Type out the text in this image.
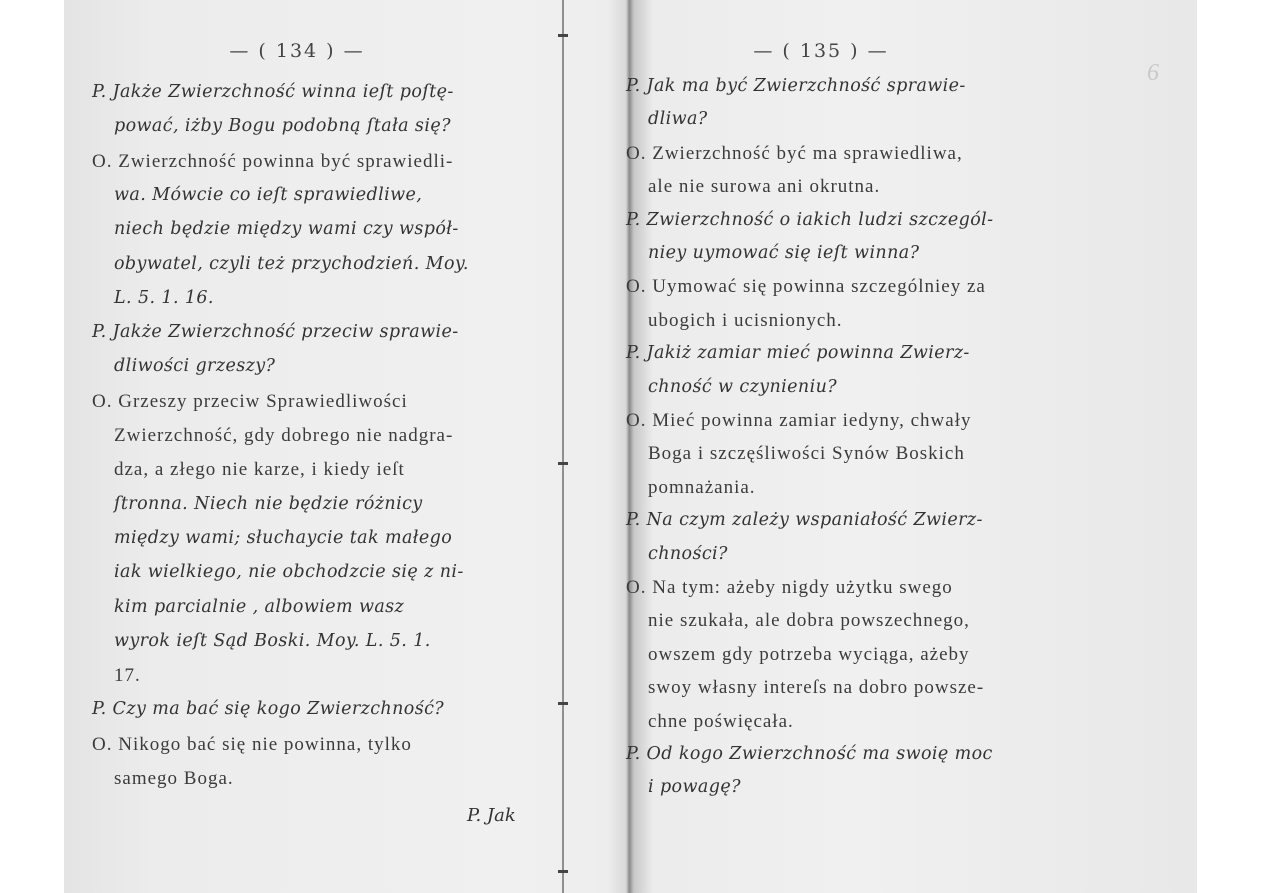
— ( 134 ) —
P. Jakże Zwierzchność winna ieſt poſtę-
pować, iżby Bogu podobną ſtała się?
O. Zwierzchność powinna być sprawiedli-
wa. Mówcie co ieſt sprawiedliwe,
niech będzie między wami czy współ-
obywatel, czyli też przychodzień. Moy.
L. 5. 1. 16.
P. Jakże Zwierzchność przeciw sprawie-
dliwości grzeszy?
O. Grzeszy przeciw Sprawiedliwości
Zwierzchność, gdy dobrego nie nadgra-
dza, a złego nie karze, i kiedy ieſt
ſtronna. Niech nie będzie różnicy
między wami; słuchaycie tak małego
iak wielkiego, nie obchodzcie się z ni-
kim parcialnie , albowiem wasz
wyrok ieſt Sąd Boski. Moy. L. 5. 1.
17.
P. Czy ma bać się kogo Zwierzchność?
O. Nikogo bać się nie powinna, tylko
samego Boga.
P. Jak
— ( 135 ) —
P. Jak ma być Zwierzchność sprawie-
dliwa?
O. Zwierzchność być ma sprawiedliwa,
ale nie surowa ani okrutna.
P. Zwierzchność o iakich ludzi szczegól-
niey uymować się ieſt winna?
O. Uymować się powinna szczególniey za
ubogich i ucisnionych.
P. Jakiż zamiar mieć powinna Zwierz-
chność w czynieniu?
O. Mieć powinna zamiar iedyny, chwały
Boga i szczęśliwości Synów Boskich
pomnażania.
P. Na czym zależy wspaniałość Zwierz-
chności?
O. Na tym: ażeby nigdy użytku swego
nie szukała, ale dobra powszechnego,
owszem gdy potrzeba wyciąga, ażeby
swoy własny intereſs na dobro powsze-
chne poświęcała.
P. Od kogo Zwierzchność ma swoię moc
i powagę?
6
